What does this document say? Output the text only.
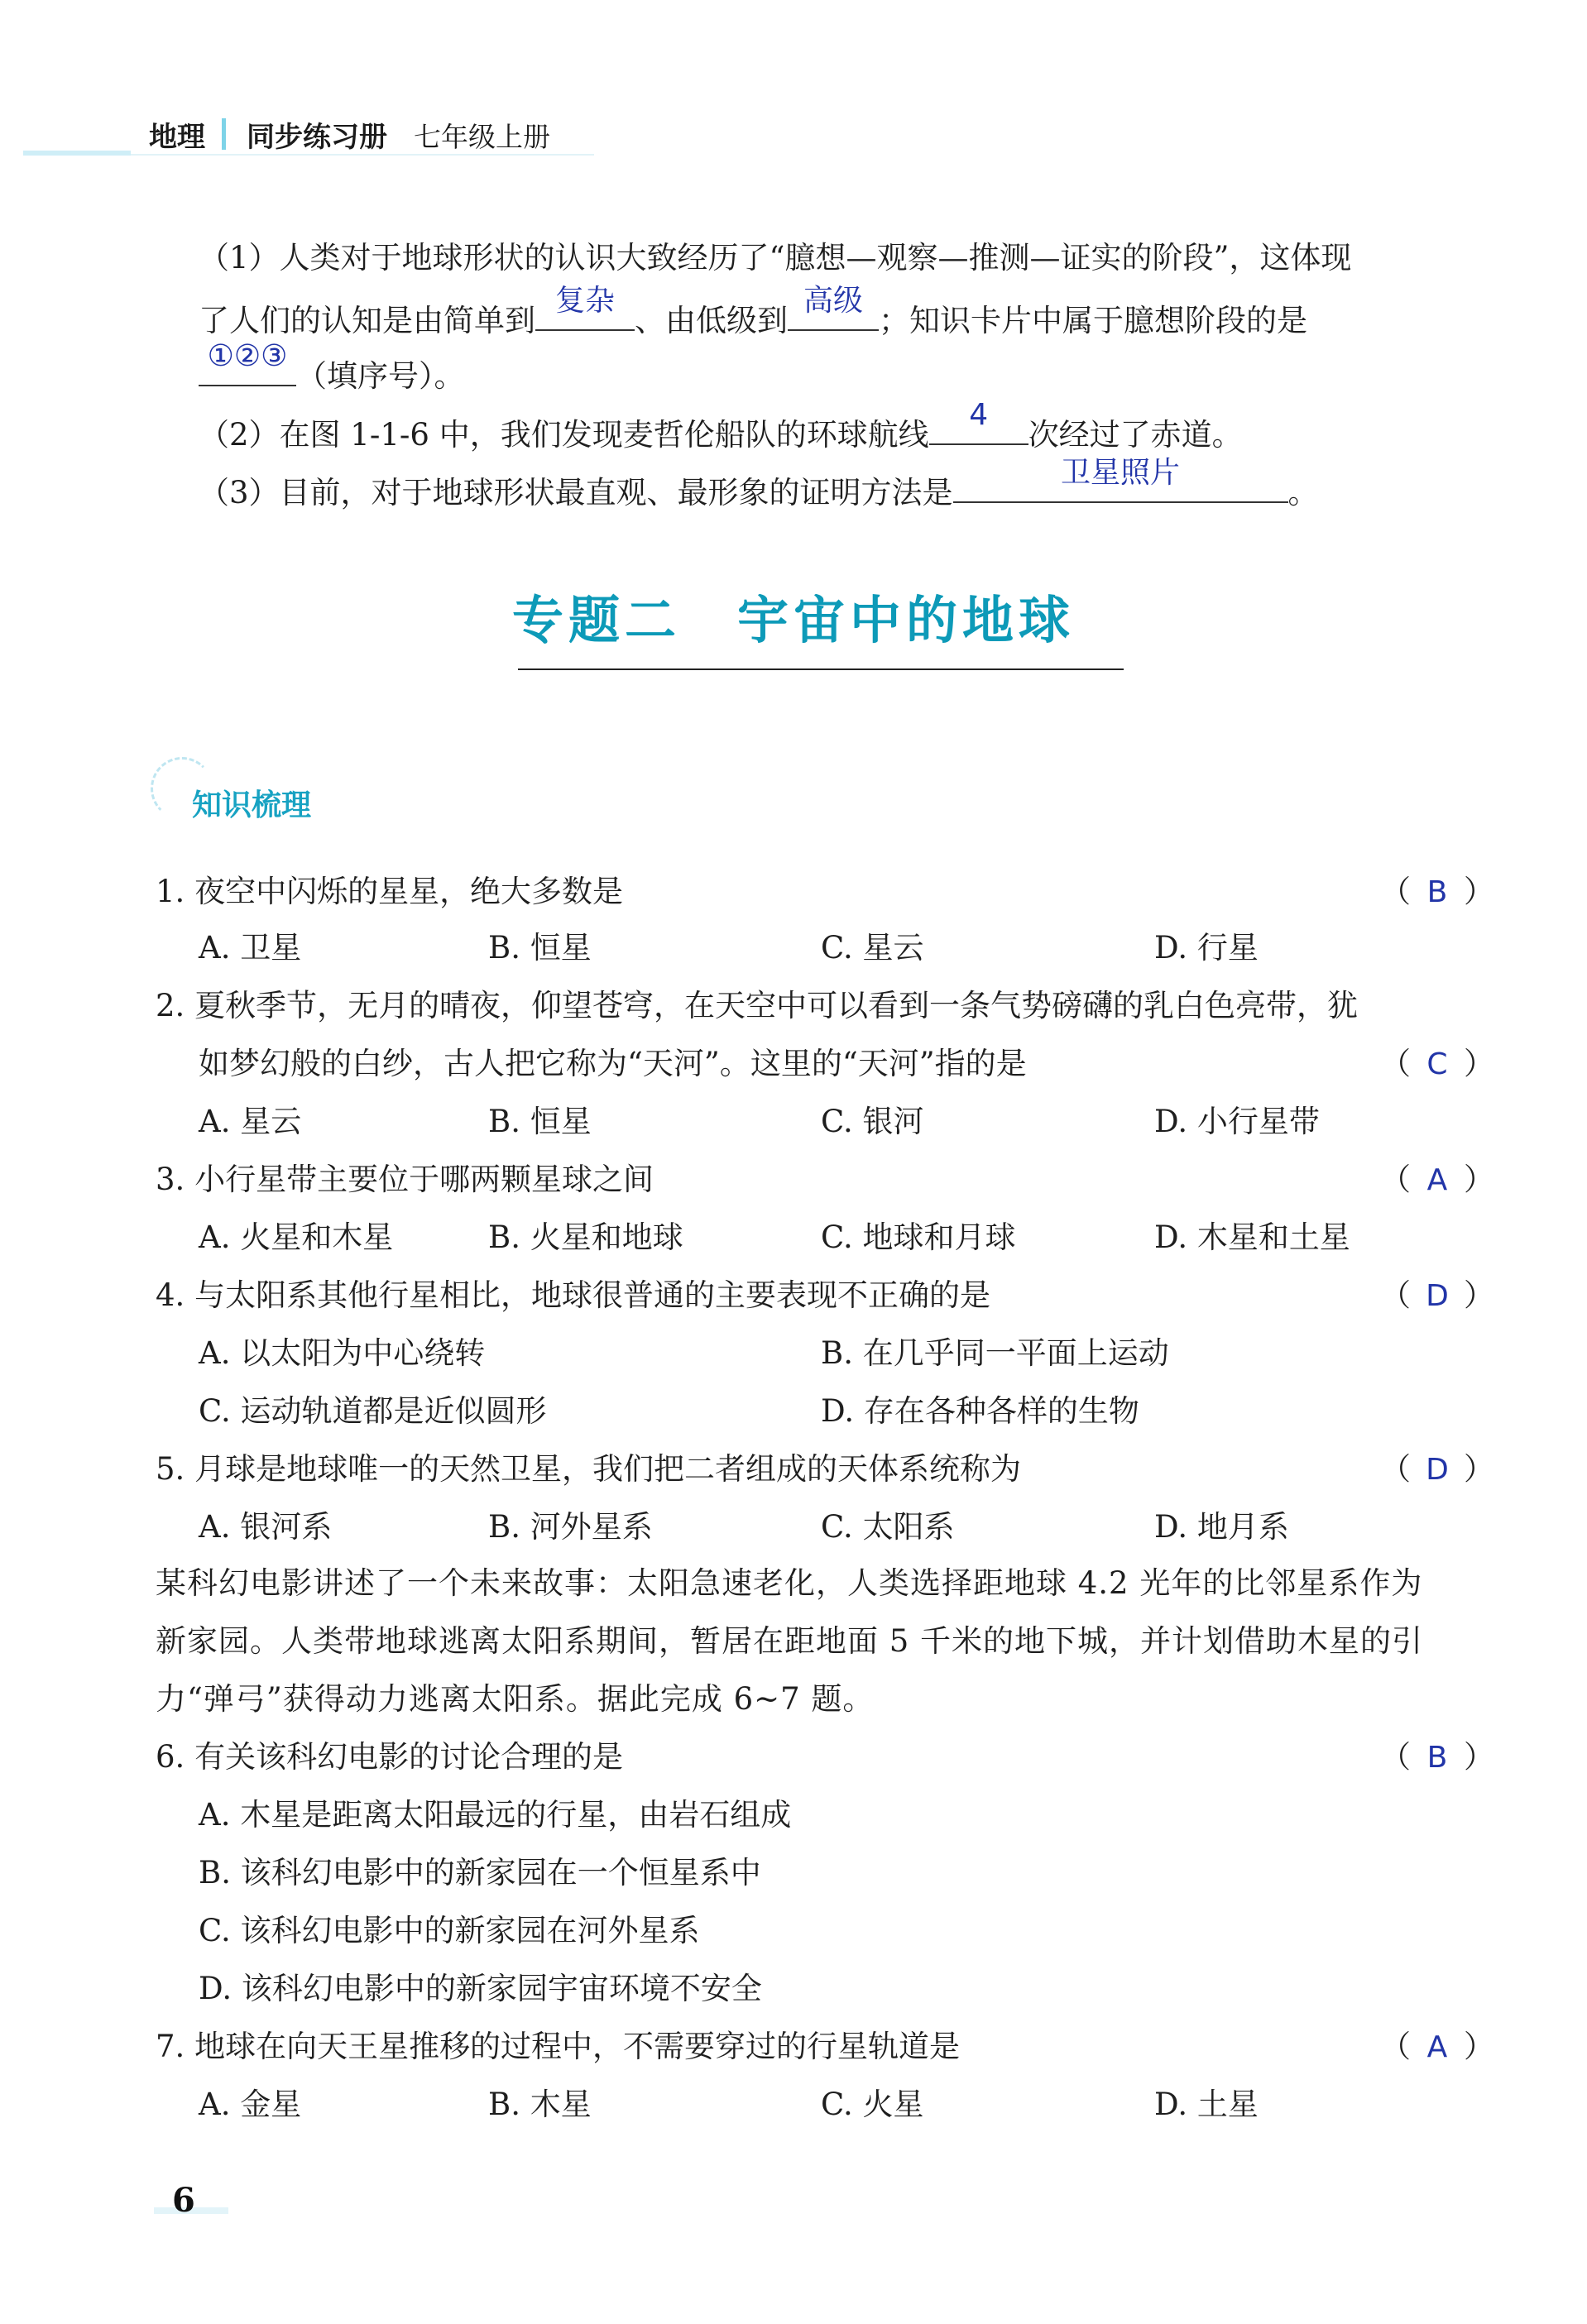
地理 同步练习册 七年级上册
（1）人类对于地球形状的认识大致经历了“臆想—观察—推测—证实的阶段”，这体现
了人们的认知是由简单到
复杂
、由低级到
高级
；知识卡片中属于臆想阶段的是
①②③
（填序号）。
（2）在图 1-1-6 中，我们发现麦哲伦船队的环球航线
4
次经过了赤道。
（3）目前，对于地球形状最直观、最形象的证明方法是
卫星照片
。
专题二　宇宙中的地球
知识梳理
1. 夜空中闪烁的星星，绝大多数是	（ B ）
A. 卫星	B. 恒星	C. 星云	D. 行星
2. 夏秋季节，无月的晴夜，仰望苍穹，在天空中可以看到一条气势磅礴的乳白色亮带，犹
如梦幻般的白纱，古人把它称为“天河”。这里的“天河”指的是	（ C ）
A. 星云	B. 恒星	C. 银河	D. 小行星带
3. 小行星带主要位于哪两颗星球之间	（ A ）
A. 火星和木星	B. 火星和地球	C. 地球和月球	D. 木星和土星
4. 与太阳系其他行星相比，地球很普通的主要表现不正确的是	（ D ）
A. 以太阳为中心绕转	B. 在几乎同一平面上运动
C. 运动轨道都是近似圆形	D. 存在各种各样的生物
5. 月球是地球唯一的天然卫星，我们把二者组成的天体系统称为	（ D ）
A. 银河系	B. 河外星系	C. 太阳系	D. 地月系
某科幻电影讲述了一个未来故事：太阳急速老化，人类选择距地球 4.2 光年的比邻星系作为
新家园。人类带地球逃离太阳系期间，暂居在距地面 5 千米的地下城，并计划借助木星的引
力“弹弓”获得动力逃离太阳系。据此完成 6~7 题。
6. 有关该科幻电影的讨论合理的是	（ B ）
A. 木星是距离太阳最远的行星，由岩石组成
B. 该科幻电影中的新家园在一个恒星系中
C. 该科幻电影中的新家园在河外星系
D. 该科幻电影中的新家园宇宙环境不安全
7. 地球在向天王星推移的过程中，不需要穿过的行星轨道是	（ A ）
A. 金星	B. 木星	C. 火星	D. 土星
6
